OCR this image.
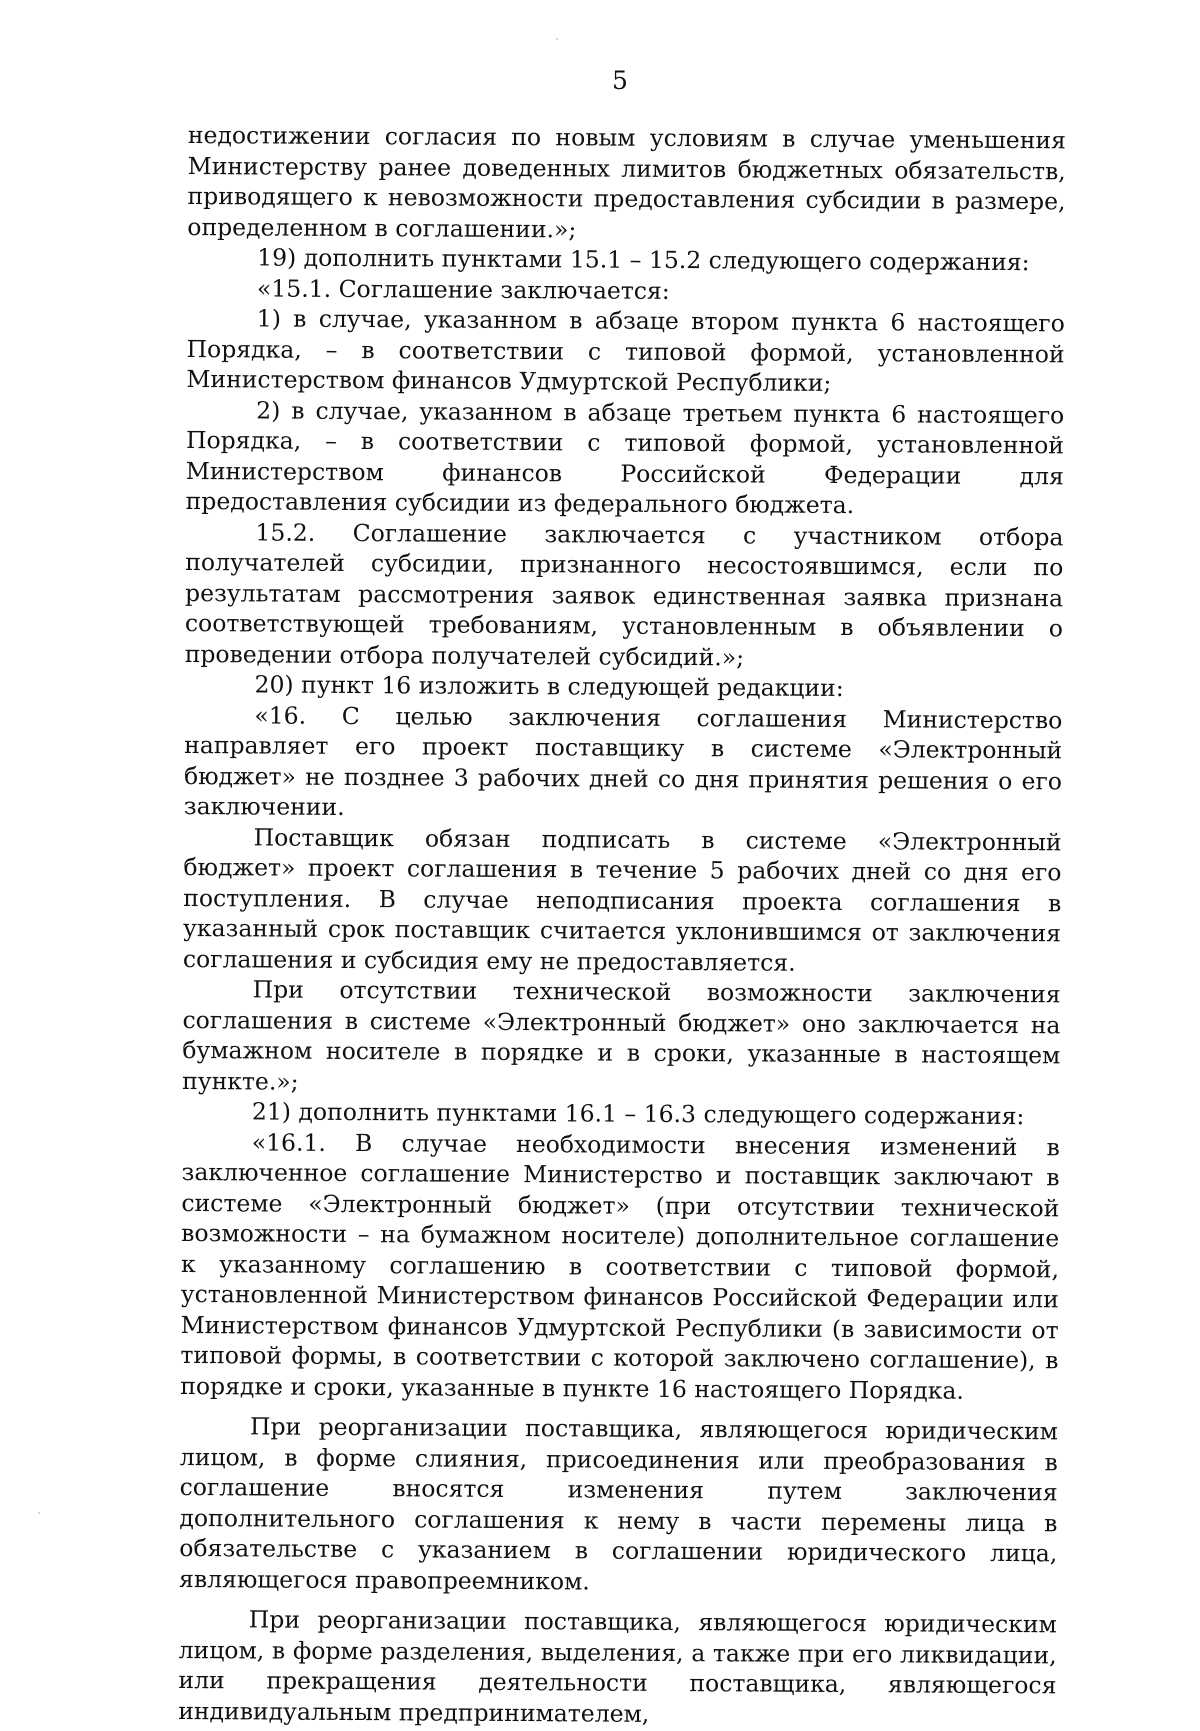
5

недостижении согласия по новым условиям в случае уменьшения Министерству ранее доведенных лимитов бюджетных обязательств, приводящего к невозможности предоставления субсидии в размере, определенном в соглашении.»;

19) дополнить пунктами 15.1 – 15.2 следующего содержания:

«15.1. Соглашение заключается:

1) в случае, указанном в абзаце втором пункта 6 настоящего Порядка, – в соответствии с типовой формой, установленной Министерством финансов Удмуртской Республики;

2) в случае, указанном в абзаце третьем пункта 6 настоящего Порядка, – в соответствии с типовой формой, установленной Министерством финансов Российской Федерации для предоставления субсидии из федерального бюджета.

15.2. Соглашение заключается с участником отбора получателей субсидии, признанного несостоявшимся, если по результатам рассмотрения заявок единственная заявка признана соответствующей требованиям, установленным в объявлении о проведении отбора получателей субсидий.»;

20) пункт 16 изложить в следующей редакции:

«16. С целью заключения соглашения Министерство направляет его проект поставщику в системе «Электронный бюджет» не позднее 3 рабочих дней со дня принятия решения о его заключении.

Поставщик обязан подписать в системе «Электронный бюджет» проект соглашения в течение 5 рабочих дней со дня его поступления. В случае неподписания проекта соглашения в указанный срок поставщик считается уклонившимся от заключения соглашения и субсидия ему не предоставляется.

При отсутствии технической возможности заключения соглашения в системе «Электронный бюджет» оно заключается на бумажном носителе в порядке и в сроки, указанные в настоящем пункте.»;

21) дополнить пунктами 16.1 – 16.3 следующего содержания:

«16.1. В случае необходимости внесения изменений в заключенное соглашение Министерство и поставщик заключают в системе «Электронный бюджет» (при отсутствии технической возможности – на бумажном носителе) дополнительное соглашение к указанному соглашению в соответствии с типовой формой, установленной Министерством финансов Российской Федерации или Министерством финансов Удмуртской Республики (в зависимости от типовой формы, в соответствии с которой заключено соглашение), в порядке и сроки, указанные в пункте 16 настоящего Порядка.

При реорганизации поставщика, являющегося юридическим лицом, в форме слияния, присоединения или преобразования в соглашение вносятся изменения путем заключения дополнительного соглашения к нему в части перемены лица в обязательстве с указанием в соглашении юридического лица, являющегося правопреемником.

При реорганизации поставщика, являющегося юридическим лицом, в форме разделения, выделения, а также при его ликвидации, или прекращения деятельности поставщика, являющегося индивидуальным предпринимателем,
